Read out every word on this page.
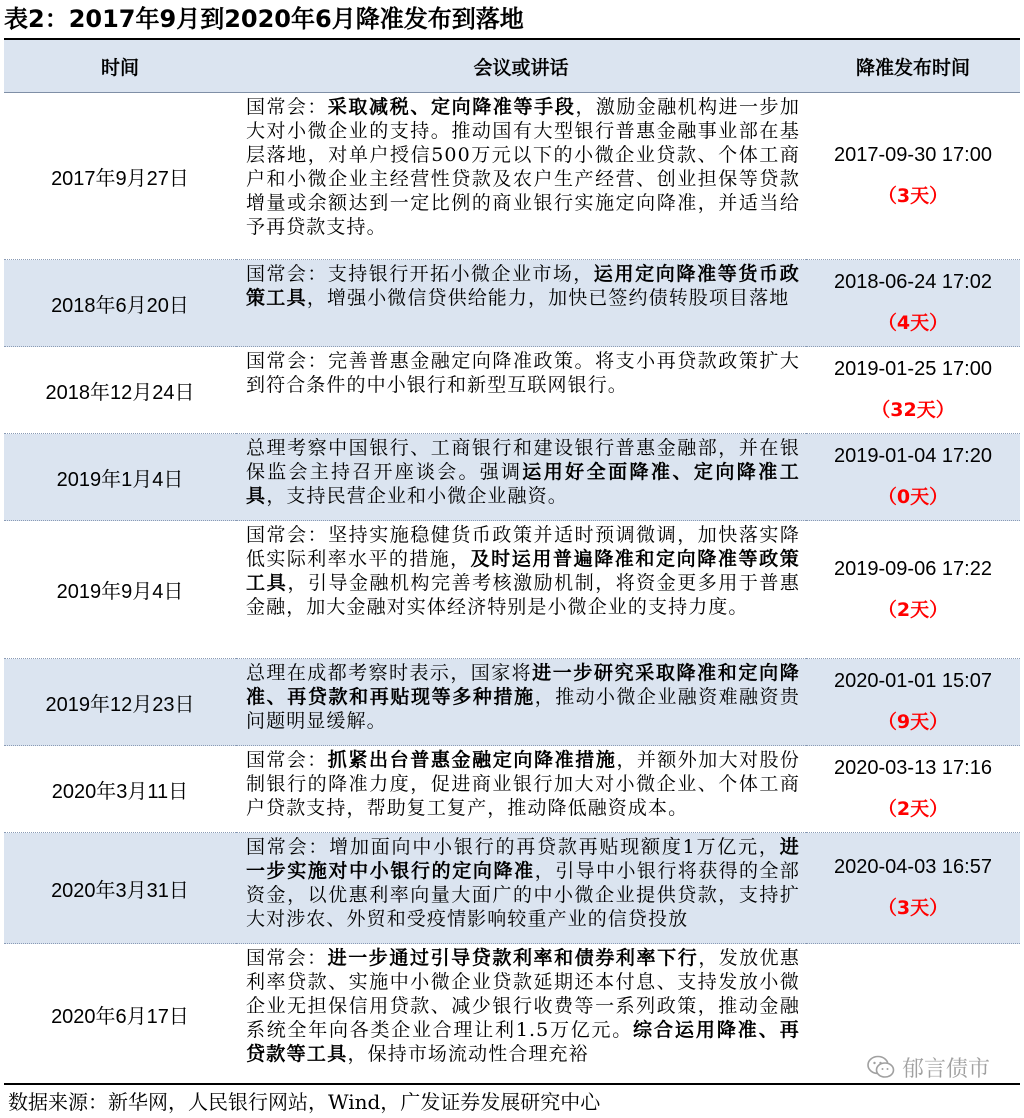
表2：2017年9月到2020年6月降准发布到落地
时间	会议或讲话	降准发布时间
2017年9月27日	国常会：采取减税、定向降准等手段，激励金融机构进一步加大对小微企业的支持。推动国有大型银行普惠金融事业部在基层落地，对单户授信500万元以下的小微企业贷款、个体工商户和小微企业主经营性贷款及农户生产经营、创业担保等贷款增量或余额达到一定比例的商业银行实施定向降准，并适当给予再贷款支持。	2017-09-30 17:00
（3天）

2018年6月20日	国常会：支持银行开拓小微企业市场，运用定向降准等货币政策工具，增强小微信贷供给能力，加快已签约债转股项目落地	2018-06-24 17:02
（4天）

2018年12月24日	国常会：完善普惠金融定向降准政策。将支小再贷款政策扩大到符合条件的中小银行和新型互联网银行。	2019-01-25 17:00
（32天）

2019年1月4日	总理考察中国银行、工商银行和建设银行普惠金融部，并在银保监会主持召开座谈会。强调运用好全面降准、定向降准工具，支持民营企业和小微企业融资。	2019-01-04 17:20
（0天）

2019年9月4日	国常会：坚持实施稳健货币政策并适时预调微调，加快落实降低实际利率水平的措施，及时运用普遍降准和定向降准等政策工具，引导金融机构完善考核激励机制，将资金更多用于普惠金融，加大金融对实体经济特别是小微企业的支持力度。	2019-09-06 17:22
（2天）

2019年12月23日	总理在成都考察时表示，国家将进一步研究采取降准和定向降准、再贷款和再贴现等多种措施，推动小微企业融资难融资贵问题明显缓解。	2020-01-01 15:07
（9天）

2020年3月11日	国常会：抓紧出台普惠金融定向降准措施，并额外加大对股份制银行的降准力度，促进商业银行加大对小微企业、个体工商户贷款支持，帮助复工复产，推动降低融资成本。	2020-03-13 17:16
（2天）

2020年3月31日	国常会：增加面向中小银行的再贷款再贴现额度1万亿元，进一步实施对中小银行的定向降准，引导中小银行将获得的全部资金，以优惠利率向量大面广的中小微企业提供贷款，支持扩大对涉农、外贸和受疫情影响较重产业的信贷投放	2020-04-03 16:57
（3天）

2020年6月17日	国常会：进一步通过引导贷款利率和债券利率下行，发放优惠利率贷款、实施中小微企业贷款延期还本付息、支持发放小微企业无担保信用贷款、减少银行收费等一系列政策，推动金融系统全年向各类企业合理让利1.5万亿元。综合运用降准、再贷款等工具，保持市场流动性合理充裕	
数据来源：新华网，人民银行网站，Wind，广发证券发展研究中心
郁言债市
